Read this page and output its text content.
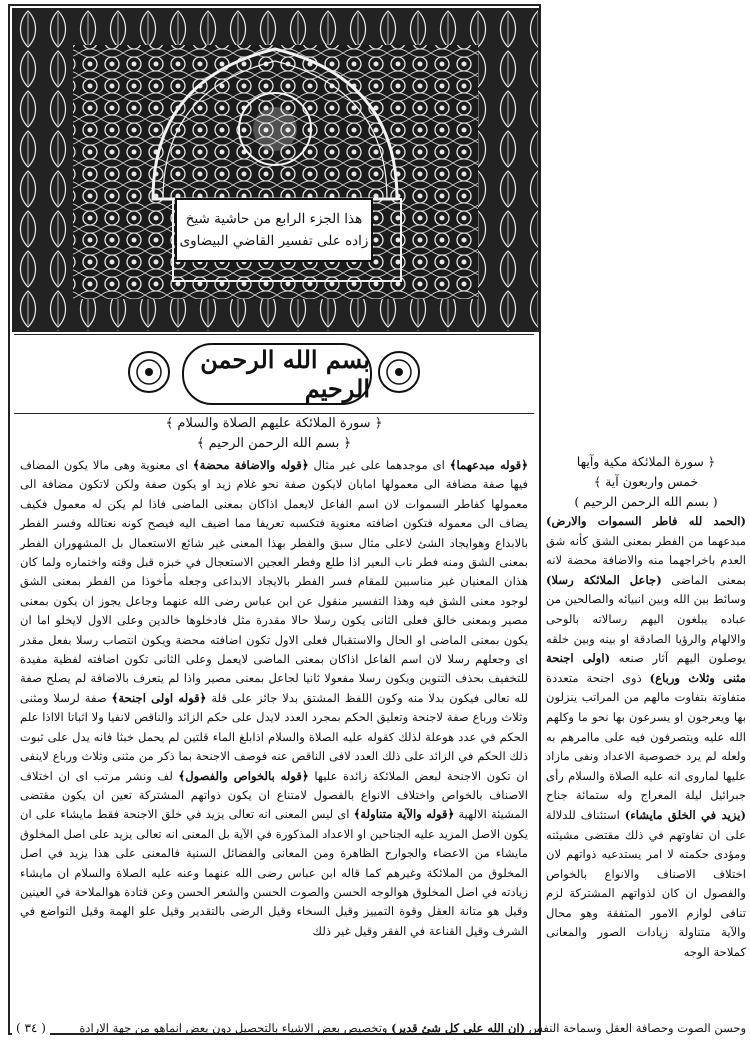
هذا الجزء الرابع من حاشية شيخ
زاده على تفسير القاضي البيضاوى
بسم الله الرحمن الرحيم
﴿ سورة الملائكة عليهم الصلاة والسلام ﴾
﴿ بسم الله الرحمن الرحيم ﴾
﴿قوله مبدعهما﴾ اى موجدهما على غير مثال ﴿قوله والاضافة محضة﴾ اى معنوية وهى مالا يكون المضاف فيها صفة مضافة الى معمولها امابان لايكون صفة نحو غلام زيد او يكون صفة ولكن لاتكون مضافة الى معمولها كفاطر السموات لان اسم الفاعل لايعمل اذاكان بمعنى الماضى فاذا لم يكن له معمول فكيف يضاف الى معموله فتكون اضافته معنوية فتكسبه تعريفا مما اضيف اليه فيصح كونه نعتالله وفسر الفطر بالابداع وهوايجاد الشئ لاعلى مثال سبق والفطر بهذا المعنى غير شائع الاستعمال بل المشهوران الفطر بمعنى الشق ومنه فطر ناب البعير اذا طلع وفطر العجين الاستعجال في خبزه قبل وقته واختماره ولما كان هذان المعنيان غير مناسبين للمقام فسر الفطر بالايجاد الابداعى وجعله مأخوذا من الفطر بمعنى الشق لوجود معنى الشق فيه وهذا التفسير منقول عن ابن عباس رضى الله عنهما وجاعل يجوز ان يكون بمعنى مصير وبمعنى خالق فعلى الثانى يكون رسلا حالا مقدرة مثل فادخلوها خالدين وعلى الاول لايخلو اما ان يكون بمعنى الماضى او الحال والاستقبال فعلى الاول تكون اضافته محضة ويكون انتصاب رسلا بفعل مقدر اى وجعلهم رسلا لان اسم الفاعل اذاكان بمعنى الماضى لايعمل وعلى الثانى تكون اضافته لفظية مفيدة للتخفيف بحذف التنوين ويكون رسلا مفعولا ثانيا لجاعل بمعنى مصير واذا لم يتعرف بالاضافة لم يصلح صفة لله تعالى فيكون بدلا منه وكون اللفظ المشتق بدلا جائز على قلة ﴿قوله اولى اجنحة﴾ صفة لرسلا ومثنى وثلاث ورباع صفة لاجنحة وتعليق الحكم بمجرد العدد لايدل على حكم الزائد والناقص لانفيا ولا اثباتا الااذا علم الحكم في عدد هوعلة لذلك كقوله عليه الصلاة والسلام اذابلغ الماء قلتين لم يحمل خبثا فانه يدل على ثبوت ذلك الحكم في الزائد على ذلك العدد لافى الناقص عنه فوصف الاجنحة بما ذكر من مثنى وثلاث ورباع لاينفى ان تكون الاجنحة لبعض الملائكة زائدة عليها ﴿قوله بالخواص والفصول﴾ لف ونشر مرتب اى ان اختلاف الاصناف بالخواص واختلاف الانواع بالفصول لامتناع ان يكون ذواتهم المشتركة تعين ان يكون مقتضى المشيئة الالهية ﴿قوله والآية متناولة﴾ اى ليس المعنى انه تعالى يزيد في خلق الاجنحة فقط مايشاء على ان يكون الاصل المزيد عليه الجناحين او الاعداد المذكورة في الآية بل المعنى انه تعالى يزيد على اصل المخلوق مايشاء من الاعضاء والجوارح الظاهرة ومن المعانى والفضائل السنية فالمعنى على هذا يزيد في اصل المخلوق من الملائكة وغيرهم كما قاله ابن عباس رضى الله عنهما وعنه عليه الصلاة والسلام ان مايشاء زيادته في اصل المخلوق هوالوجه الحسن والصوت الحسن والشعر الحسن وعن قتادة هوالملاحة في العينين وقيل هو متانة العقل وقوة التمييز وقيل السخاء وقيل الرضى بالتقدير وقيل علو الهمة وقيل التواضع في الشرف وقيل القناعة في الفقر وقيل غير ذلك
﴿ سورة الملائكة مكية وآيها
خمس واربعون آية ﴾
( بسم الله الرحمن الرحيم )
(الحمد لله فاطر السموات والارض) مبدعهما من الفطر بمعنى الشق كأنه شق العدم باخراجهما منه والاضافة محضة لانه بمعنى الماضى (جاعل الملائكة رسلا) وسائط بين الله وبين انبيائه والصالحين من عباده يبلغون اليهم رسالاته بالوحى والالهام والرؤيا الصادقة او بينه وبين خلقه يوصلون اليهم آثار صنعه (اولى اجنحة مثنى وثلاث ورباع) ذوى اجنحة متعددة متفاوتة بتفاوت مالهم من المراتب ينزلون بها ويعرجون او يسرعون بها نحو ما وكلهم الله عليه ويتصرفون فيه على ماامرهم به ولعله لم يرد خصوصية الاعداد ونفى مازاد عليها لماروى انه عليه الصلاة والسلام رأى جبرائيل ليلة المعراج وله ستمائة جناح (يزيد في الخلق مايشاء) استئناف للدلالة على ان تفاوتهم في ذلك مقتضى مشيئته ومؤدى حكمته لا امر يستدعيه ذواتهم لان اختلاف الاصناف والانواع بالخواص والفصول ان كان لذواتهم المشتركة لزم تنافى لوازم الامور المتفقة وهو محال والآية متناولة زيادات الصور والمعانى كملاحة الوجه
وحسن الصوت وحصافة العقل وسماحة النفس (ان الله على كل شئ قدير) وتخصيص بعض الاشياء بالتحصيل دون بعض انماهو من جهة الارادة
( ٣٤ )
